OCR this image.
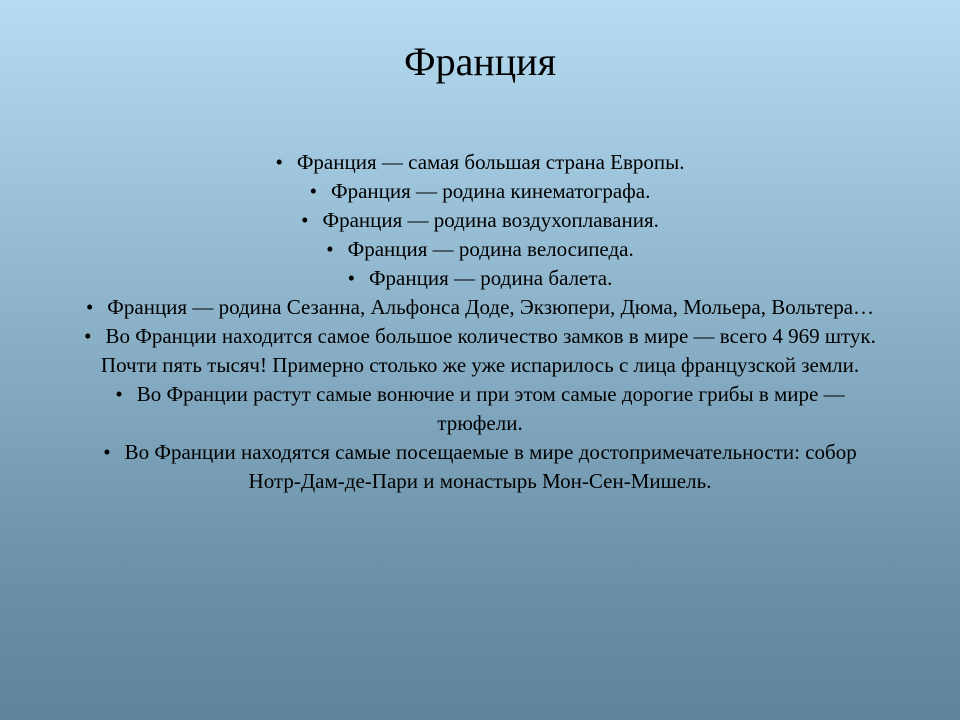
Франция
• Франция — самая большая страна Европы.
• Франция — родина кинематографа.
• Франция — родина воздухоплавания.
• Франция — родина велосипеда.
• Франция — родина балета.
• Франция — родина Сезанна, Альфонса Доде, Экзюпери, Дюма, Мольера, Вольтера…
• Во Франции находится самое большое количество замков в мире — всего 4 969 штук. Почти пять тысяч! Примерно столько же уже испарилось с лица французской земли.
• Во Франции растут самые вонючие и при этом самые дорогие грибы в мире — трюфели.
• Во Франции находятся самые посещаемые в мире достопримечательности: собор Нотр-Дам-де-Пари и монастырь Мон-Сен-Мишель.
